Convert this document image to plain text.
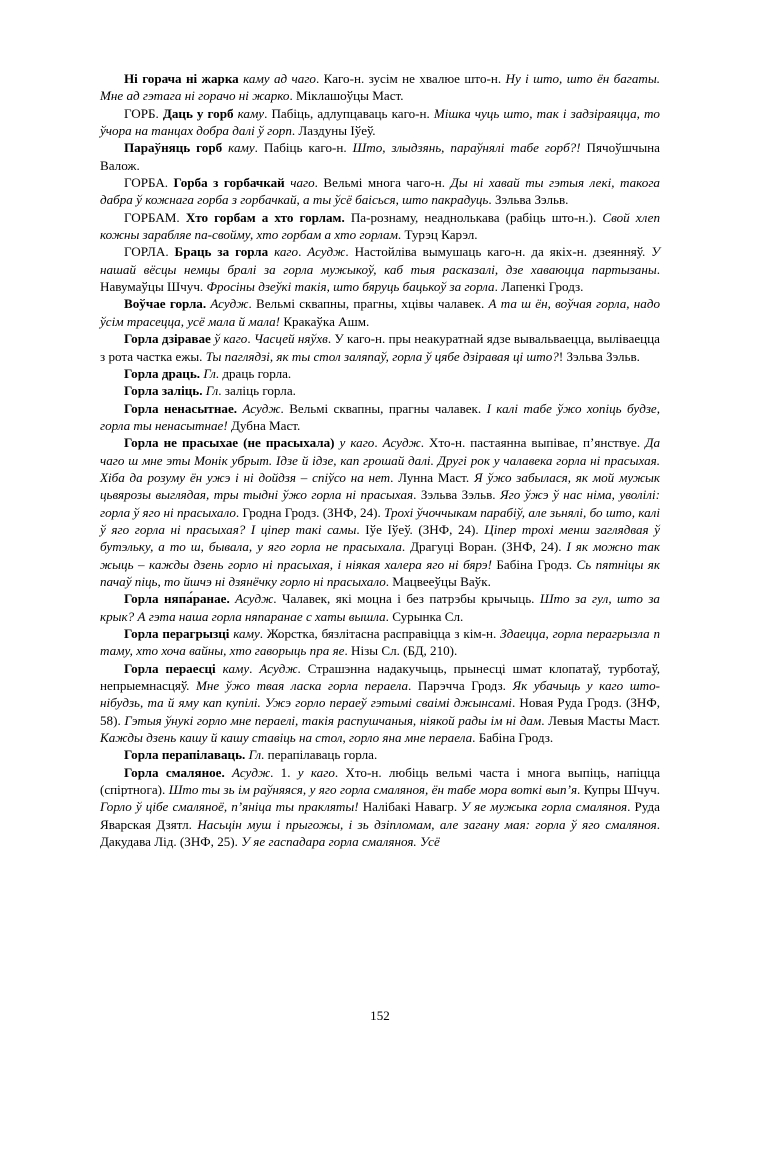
Нi горача нi жарка каму ад чаго. Каго-н. зусiм не хвалюе што-н. Ну i што, што ён багаты. Мне ад гэтага нi горачо нi жарко. Мiклашоўцы Маст.

ГОРБ. Даць у горб каму. Пабiць, адлупцаваць каго-н. Мiшка чуць што, так i задзiраяцца, то ўчора на танцах добра далi ў горп. Лаздуны Iўеў.

Параўняць горб каму. Пабiць каго-н. Што, злыдзянь, параўнялi табе горб?! Пячоўшчына Валож.

ГОРБА. Горба з горбачкай чаго. Вельмi многа чаго-н. Ды нi хавай ты гэтыя лекi, такога дабра ў кожнага горба з горбачкай, а ты ўсё баiсься, што пакрадуць. Зэльва Зэльв.

ГОРБАМ. Хто горбам а хто горлам. Па-рознаму, неаднолькава (рабiць што-н.). Свой хлеп кожны зарабляе па-свойму, хто горбам а хто горлам. Турэц Карэл.

ГОРЛА. Браць за горла каго. Асудж. Настойлiва вымушаць каго-н. да якiх-н. дзеянняў. У нашай вёсцы немцы бралi за горла мужыкоў, каб тыя расказалi, дзе хаваюцца партызаны. Навумаўцы Шчуч. Фросiны дзеўкi такiя, што бяруць бацькоў за горла. Лапенкi Гродз.

Воўчае горла. Асудж. Вельмi сквапны, прагны, хцiвы чалавек. А та ш ён, воўчая горла, надо ўсiм трасецца, усё мала й мала! Кракаўка Ашм.

Горла дзiравае ў каго. Часцей няўхв. У каго-н. пры неакуратнай ядзе вывальваецца, вылiваецца з рота частка ежы. Ты паглядзi, як ты стол заляпаў, горла ў цябе дзiравая цi што?! Зэльва Зэльв.

Горла драць. Гл. драць горла.

Горла залiць. Гл. залiць горла.

Горла ненасытнае. Асудж. Вельмi сквапны, прагны чалавек. I калi табе ўжо хопiць будзе, горла ты ненасытнае! Дубна Маст.

Горла не прасыхае (не прасыхала) у каго. Асудж. Хто-н. пастаянна выпiвае, п’янствуе. Да чаго ш мне эты Монiк убрыт. Iдзе й iдзе, кап грошай далi. Другi рок у чалавека горла нi прасыхая. Хiба да розуму ён ужэ i нi дойдзя – спiўсо на нет. Лунна Маст. Я ўжо забылася, як мой мужык цьвярозы выглядая, тры тыднi ўжо горла нi прасыхая. Зэльва Зэльв. Яго ўжэ ў нас нiма, уволiлi: горла ў яго нi прасыхало. Гродна Гродз. (ЗНФ, 24). Трохi ўчоччыкам парабiў, але зьнялi, бо што, калi ў яго горла нi прасыхая? I цiпер такi самы. Iўе Iўеў. (ЗНФ, 24). Цiпер трохi менш заглядвая ў бутэльку, а то ш, бывала, у яго горла не прасыхала. Драгуцi Воран. (ЗНФ, 24). I як можно так жыць – кажды дзень горло нi прасыхая, i нiякая халера яго нi бярэ! Бабiна Гродз. Сь пятнiцы як пачаў пiць, то йшчэ нi дзянёчку горло нi прасыхало. Мацвееўцы Ваўк.

Горла няпа́ранае. Асудж. Чалавек, якi моцна i без патрэбы крычыць. Што за гул, што за крык? А гэта наша горла няпаранае с хаты вышла. Сурынка Сл.

Горла перагрызцi каму. Жорстка, бязлiтасна расправiцца з кiм-н. Здаецца, горла перагрызла п таму, хто хоча вайны, хто гаворыць пра яе. Нiзы Сл. (БД, 210).

Горла пераесцi каму. Асудж. Страшэнна надакучыць, прынесцi шмат клопатаў, турботаў, непрыемнасцяў. Мне ўжо твая ласка горла пераела. Парэчча Гродз. Як убачыць у каго што-нiбудзь, та й яму кап купiлi. Ужэ горло пераеў гэтымi сваiмi джынсамi. Новая Руда Гродз. (ЗНФ, 58). Гэтыя ўнукi горло мне пераелi, такiя распушчаныя, нiякой рады iм нi дам. Левыя Масты Маст. Кажды дзень кашу й кашу ставiць на стол, горло яна мне пераела. Бабiна Гродз.

Горла перапiлаваць. Гл. перапiлаваць горла.

Горла смаляное. Асудж. 1. у каго. Хто-н. любiць вельмi часта i многа выпiць, напiцца (спiртнога). Што ты зь iм раўняяся, у яго горла смаляноя, ён табе мора воткi вып’я. Купры Шчуч. Горло ў цiбе смаляноё, п’янiца ты пракляты! Налiбакi Навагр. У яе мужыка горла смаляноя. Руда Яварская Дзятл. Насьцiн муш i прыгожы, i зь дзiпломам, але загану мая: горла ў яго смаляноя. Дакудава Лiд. (ЗНФ, 25). У яе гаспадара горла смаляноя. Усё

152
